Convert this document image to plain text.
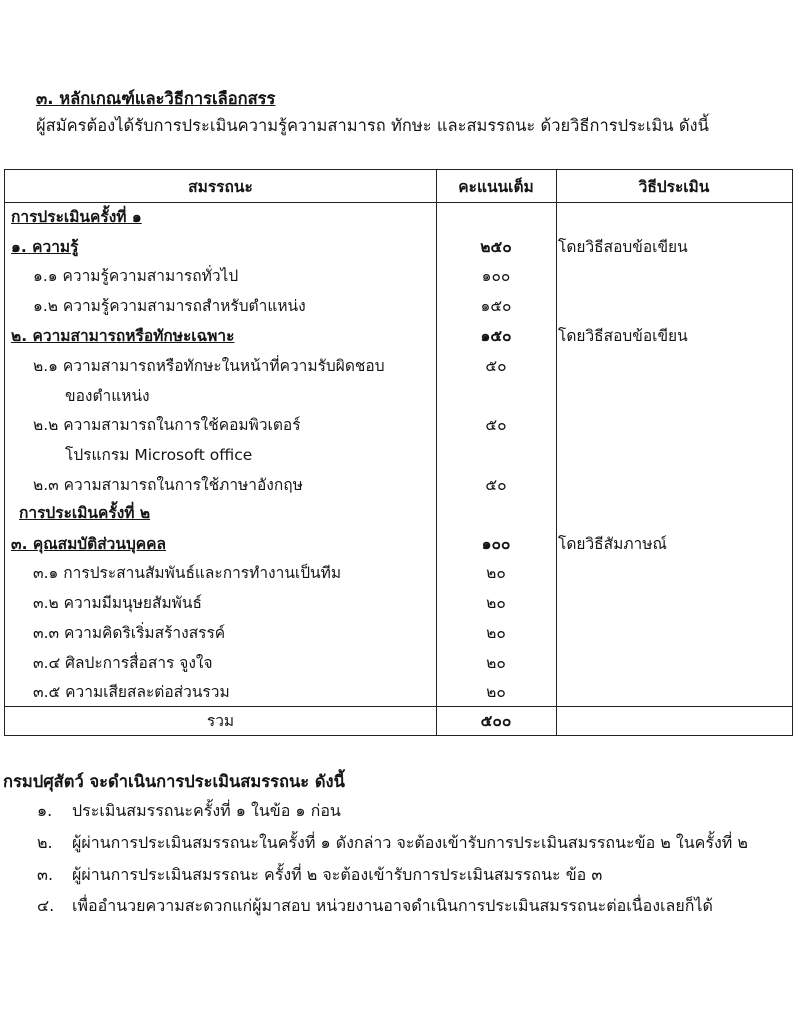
๓. หลักเกณฑ์และวิธีการเลือกสรร
ผู้สมัครต้องได้รับการประเมินความรู้ความสามารถ ทักษะ และสมรรถนะ ด้วยวิธีการประเมิน ดังนี้
สมรรถนะ	คะแนนเต็ม	วิธีประเมิน
การประเมินครั้งที่ ๑
๑. ความรู้	๒๕๐	โดยวิธีสอบข้อเขียน
๑.๑ ความรู้ความสามารถทั่วไป	๑๐๐
๑.๒ ความรู้ความสามารถสำหรับตำแหน่ง	๑๕๐
๒. ความสามารถหรือทักษะเฉพาะ	๑๕๐	โดยวิธีสอบข้อเขียน
๒.๑ ความสามารถหรือทักษะในหน้าที่ความรับผิดชอบ	๕๐
ของตำแหน่ง
๒.๒ ความสามารถในการใช้คอมพิวเตอร์	๕๐
โปรแกรม Microsoft office
๒.๓ ความสามารถในการใช้ภาษาอังกฤษ	๕๐
การประเมินครั้งที่ ๒
๓. คุณสมบัติส่วนบุคคล	๑๐๐	โดยวิธีสัมภาษณ์
๓.๑ การประสานสัมพันธ์และการทำงานเป็นทีม	๒๐
๓.๒ ความมีมนุษยสัมพันธ์	๒๐
๓.๓ ความคิดริเริ่มสร้างสรรค์	๒๐
๓.๔ ศิลปะการสื่อสาร จูงใจ	๒๐
๓.๕ ความเสียสละต่อส่วนรวม	๒๐
รวม	๕๐๐
กรมปศุสัตว์ จะดำเนินการประเมินสมรรถนะ ดังนี้
๑. ประเมินสมรรถนะครั้งที่ ๑ ในข้อ ๑ ก่อน
๒. ผู้ผ่านการประเมินสมรรถนะในครั้งที่ ๑ ดังกล่าว จะต้องเข้ารับการประเมินสมรรถนะข้อ ๒ ในครั้งที่ ๒
๓. ผู้ผ่านการประเมินสมรรถนะ ครั้งที่ ๒ จะต้องเข้ารับการประเมินสมรรถนะ ข้อ ๓
๔. เพื่ออำนวยความสะดวกแก่ผู้มาสอบ หน่วยงานอาจดำเนินการประเมินสมรรถนะต่อเนื่องเลยก็ได้
